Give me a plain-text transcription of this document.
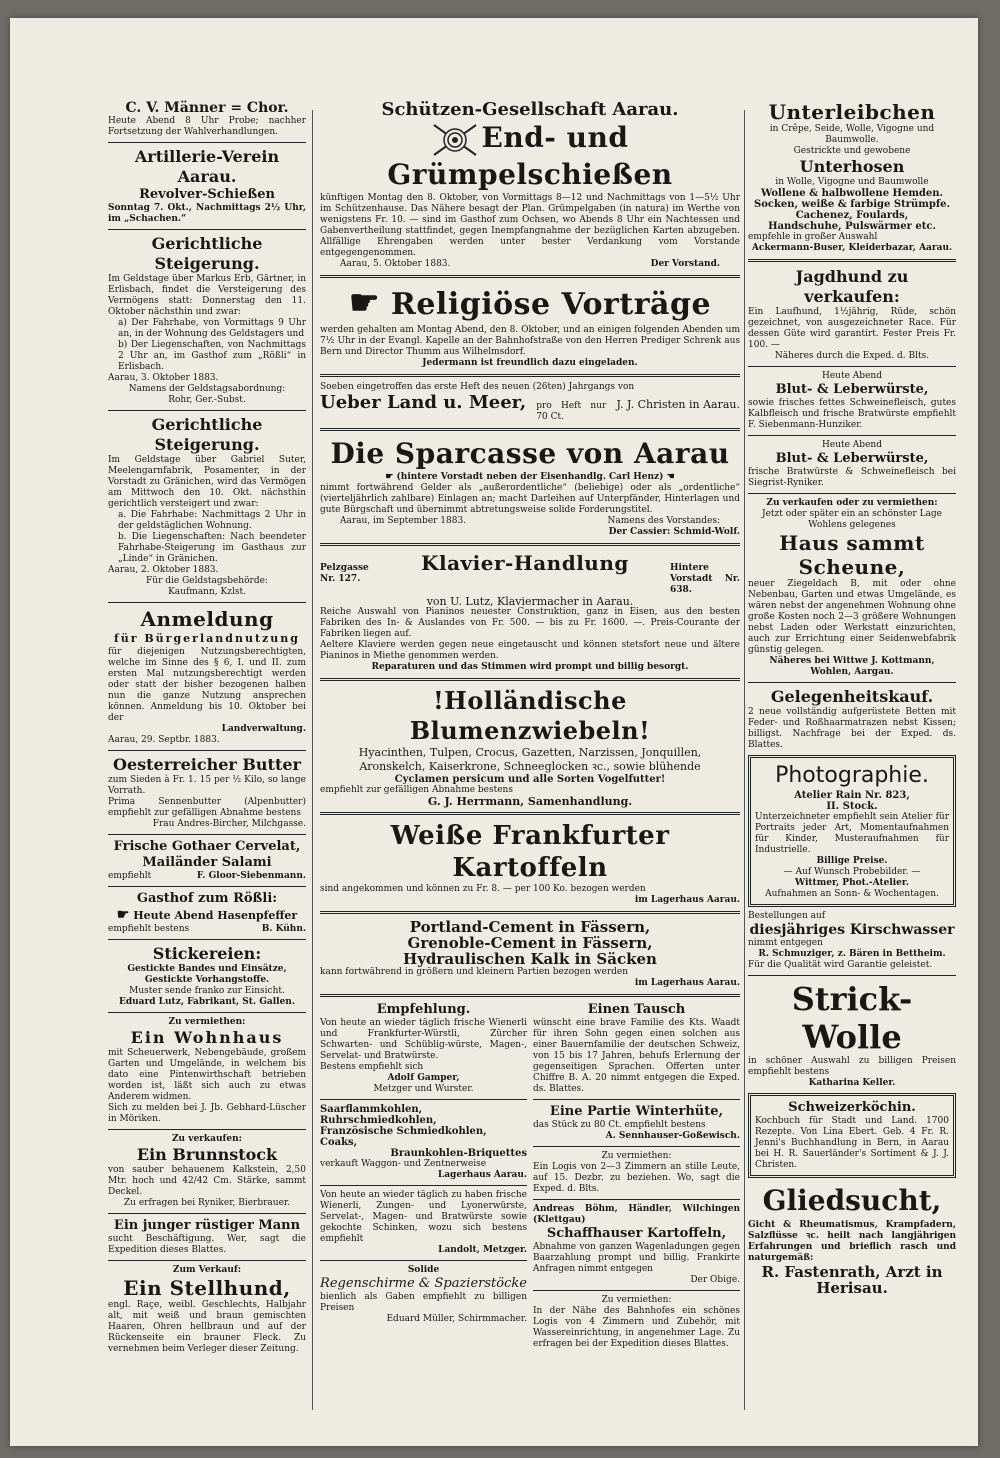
C. V. Männer = Chor.

Heute Abend 8 Uhr Probe; nachher Fortsetzung der Wahlverhandlungen.

Artillerie-Verein Aarau.
Revolver-Schießen

Sonntag 7. Okt., Nachmittags 2½ Uhr, im „Schachen.“

Gerichtliche Steigerung.

Im Geldstage über Markus Erb, Gärtner, in Erlisbach, findet die Versteigerung des Vermögens statt: Donnerstag den 11. Oktober nächsthin und zwar:

a) Der Fahrhabe, von Vormittags 9 Uhr an, in der Wohnung des Geldstagers und

b) Der Liegenschaften, von Nachmittags 2 Uhr an, im Gasthof zum „Rößli“ in Erlisbach.

Aarau, 3. Oktober 1883.

Namens der Geldstagsabordnung:

Rohr, Ger.-Subst.

Gerichtliche Steigerung.

Im Geldstage über Gabriel Suter, Meelengarnfabrik, Posamenter, in der Vorstadt zu Gränichen, wird das Vermögen am Mittwoch den 10. Okt. nächsthin gerichtlich versteigert und zwar:

a. Die Fahrhabe: Nachmittags 2 Uhr in der geldstäglichen Wohnung.

b. Die Liegenschaften: Nach beendeter Fahrhabe-Steigerung im Gasthaus zur „Linde“ in Gränichen.

Aarau, 2. Oktober 1883.

Für die Geldstagsbehörde:

Kaufmann, Kzlst.

Anmeldung
für Bürgerlandnutzung

für diejenigen Nutzungsberechtigten, welche im Sinne des § 6, I. und II. zum ersten Mal nutzungsberechtigt werden oder statt der bisher bezogenen halben nun die ganze Nutzung ansprechen können. Anmeldung bis 10. Oktober bei der

Landverwaltung.

Aarau, 29. Septbr. 1883.

Oesterreicher Butter

zum Sieden à Fr. 1. 15 per ½ Kilo, so lange Vorrath.

Prima Sennenbutter (Alpenbutter) empfiehlt zur gefälligen Abnahme bestens

Frau Andres-Bircher, Milchgasse.

Frische Gothaer Cervelat,
Mailänder Salami

empfiehlt	F. Gloor-Siebenmann.

Gasthof zum Rößli:
☛ Heute Abend Hasenpfeffer

empfiehlt bestens	B. Kühn.

Stickereien:

Gestickte Bandes und Einsätze, Gestickte Vorhangstoffe.

Muster sende franko zur Einsicht.

Eduard Lutz, Fabrikant, St. Gallen.

Zu vermiethen:

Ein Wohnhaus

mit Scheuerwerk, Nebengebäude, großem Garten und Umgelände, in welchem bis dato eine Pintenwirthschaft betrieben worden ist, läßt sich auch zu etwas Anderem widmen.

Sich zu melden bei J. Jb. Gebhard-Lüscher in Möriken.

Zu verkaufen:

Ein Brunnstock

von sauber behauenem Kalkstein, 2,50 Mtr. hoch und 42/42 Cm. Stärke, sammt Deckel.

Zu erfragen bei Ryniker, Bierbrauer.

Ein junger rüstiger Mann

sucht Beschäftigung. Wer, sagt die Expedition dieses Blattes.

Zum Verkauf:

Ein Stellhund,

engl. Raçe, weibl. Geschlechts, Halbjahr alt, mit weiß und braun gemischten Haaren, Ohren hellbraun und auf der Rückenseite ein brauner Fleck. Zu vernehmen beim Verleger dieser Zeitung.

Schützen-Gesellschaft Aarau.
End- und Grümpelschießen

künftigen Montag den 8. Oktober, von Vormittags 8—12 und Nachmittags von 1—5½ Uhr im Schützenhause. Das Nähere besagt der Plan. Grümpelgaben (in natura) im Werthe von wenigstens Fr. 10. — sind im Gasthof zum Ochsen, wo Abends 8 Uhr ein Nachtessen und Gabenvertheilung stattfindet, gegen Inempfangnahme der bezüglichen Karten abzugeben. Allfällige Ehrengaben werden unter bester Verdankung vom Vorstande entgegengenommen.

Aarau, 5. Oktober 1883.	Der Vorstand.

☛ Religiöse Vorträge

werden gehalten am Montag Abend, den 8. Oktober, und an einigen folgenden Abenden um 7½ Uhr in der Evangl. Kapelle an der Bahnhofstraße von den Herren Prediger Schrenk aus Bern und Director Thumm aus Wilhelmsdorf.

Jedermann ist freundlich dazu eingeladen.

Soeben eingetroffen das erste Heft des neuen (26ten) Jahrgangs von

Ueber Land u. Meer, pro Heft nur 70 Ct.

J. J. Christen in Aarau.

Die Sparcasse von Aarau

☛ (hintere Vorstadt neben der Eisenhandlg. Carl Henz) ☚

nimmt fortwährend Gelder als „außerordentliche“ (beliebige) oder als „ordentliche“ (vierteljährlich zahlbare) Einlagen an; macht Darleihen auf Unterpfänder, Hinterlagen und gute Bürgschaft und übernimmt abtretungsweise solide Forderungstitel.

Aarau, im September 1883.	Namens des Vorstandes:

Der Cassier: Schmid-Wolf.

Pelzgasse Nr. 127.

Klavier-Handlung	Hintere Vorstadt Nr. 638.

von U. Lutz, Klaviermacher in Aarau.

Reiche Auswahl von Pianinos neuester Construktion, ganz in Eisen, aus den besten Fabriken des In- & Auslandes von Fr. 500. — bis zu Fr. 1600. —. Preis-Courante der Fabriken liegen auf.

Aeltere Klaviere werden gegen neue eingetauscht und können stetsfort neue und ältere Pianinos in Miethe genommen werden.

Reparaturen und das Stimmen wird prompt und billig besorgt.

!Holländische Blumenzwiebeln!

Hyacinthen, Tulpen, Crocus, Gazetten, Narzissen, Jonquillen,

Aronskelch, Kaiserkrone, Schneeglocken ꝛc., sowie blühende

Cyclamen persicum und alle Sorten Vogelfutter!

empfiehlt zur gefälligen Abnahme bestens

G. J. Herrmann, Samenhandlung.

Weiße Frankfurter Kartoffeln

sind angekommen und können zu Fr. 8. — per 100 Ko. bezogen werden

im Lagerhaus Aarau.

Portland-Cement in Fässern,
Grenoble-Cement in Fässern,
Hydraulischen Kalk in Säcken

kann fortwährend in größern und kleinern Partien bezogen werden

im Lagerhaus Aarau.

Empfehlung.

Von heute an wieder täglich frische Wienerli und Frankfurter-Würstli, Zürcher Schwarten- und Schüblig-würste, Magen-, Servelat- und Bratwürste.

Bestens empfiehlt sich

Adolf Gamper,

Metzger und Wurster.

Saarflammkohlen,

Ruhrschmiedkohlen,

Französische Schmiedkohlen,

Coaks,

Braunkohlen-Briquettes

verkauft Waggon- und Zentnerweise

Lagerhaus Aarau.

Von heute an wieder täglich zu haben frische Wienerli, Zungen- und Lyonerwürste, Servelat-, Magen- und Bratwürste sowie gekochte Schinken, wozu sich bestens empfiehlt

Landolt, Metzger.

Solide

Regenschirme & Spazierstöcke

bienlich als Gaben empfiehlt zu billigen Preisen

Eduard Müller, Schirmmacher.

Einen Tausch

wünscht eine brave Familie des Kts. Waadt für ihren Sohn gegen einen solchen aus einer Bauernfamilie der deutschen Schweiz, von 15 bis 17 Jahren, behufs Erlernung der gegenseitigen Sprachen. Offerten unter Chiffre B. A. 20 nimmt entgegen die Exped. ds. Blattes.

Eine Partie Winterhüte,

das Stück zu 80 Ct. empfiehlt bestens

A. Sennhauser-Goßewisch.

Zu vermiethen:

Ein Logis von 2—3 Zimmern an stille Leute, auf 15. Dezbr. zu beziehen. Wo, sagt die Exped. d. Blts.

Andreas Böhm, Händler, Wilchingen (Klettgau)

Schaffhauser Kartoffeln,

Abnahme von ganzen Wagenladungen gegen Baarzahlung prompt und billig. Frankirte Anfragen nimmt entgegen

Der Obige.

Zu vermiethen:

In der Nähe des Bahnhofes ein schönes Logis von 4 Zimmern und Zubehör, mit Wassereinrichtung, in angenehmer Lage. Zu erfragen bei der Expedition dieses Blattes.

Unterleibchen

in Crêpe, Seide, Wolle, Vigogne und Baumwolle.

Gestrickte und gewobene

Unterhosen

in Wolle, Vigogne und Baumwolle

Wollene & halbwollene Hemden.

Socken, weiße & farbige Strümpfe.

Cachenez, Foulards,

Handschuhe, Pulswärmer etc.

empfehle in großer Auswahl

Ackermann-Buser, Kleiderbazar, Aarau.

Jagdhund zu verkaufen:

Ein Laufhund, 1½jährig, Rüde, schön gezeichnet, von ausgezeichneter Race. Für dessen Güte wird garantirt. Fester Preis Fr. 100. —

Näheres durch die Exped. d. Blts.

Heute Abend

Blut- & Leberwürste,

sowie frisches fettes Schweinefleisch, gutes Kalbfleisch und frische Bratwürste empfiehlt F. Siebenmann-Hunziker.

Heute Abend

Blut- & Leberwürste,

frische Bratwürste & Schweinefleisch bei Siegrist-Ryniker.

Zu verkaufen oder zu vermiethen:

Jetzt oder später ein an schönster Lage Wohlens gelegenes

Haus sammt Scheune,

neuer Ziegeldach B, mit oder ohne Nebenbau, Garten und etwas Umgelände, es wären nebst der angenehmen Wohnung ohne große Kosten noch 2—3 größere Wohnungen nebst Laden oder Werkstatt einzurichten, auch zur Errichtung einer Seidenwebfabrik günstig gelegen.

Näheres bei Wittwe J. Kottmann, Wohlen, Aargau.

Gelegenheitskauf.

2 neue vollständig aufgerüstete Betten mit Feder- und Roßhaarmatrazen nebst Kissen; billigst. Nachfrage bei der Exped. ds. Blattes.

Photographie.

Atelier Rain Nr. 823,

II. Stock.

Unterzeichneter empfiehlt sein Atelier für Portraits jeder Art, Momentaufnahmen für Kinder, Musteraufnahmen für Industrielle.

Billige Preise.

— Auf Wunsch Probebilder. —

Wittmer, Phot.-Atelier.

Aufnahmen an Sonn- & Wochentagen.

Bestellungen auf

diesjähriges Kirschwasser

nimmt entgegen

R. Schmuziger, z. Bären in Bettheim.

Für die Qualität wird Garantie geleistet.

Strick-Wolle

in schöner Auswahl zu billigen Preisen empfiehlt bestens

Katharina Keller.

Schweizerköchin.

Kochbuch für Stadt und Land. 1700 Rezepte. Von Lina Ebert. Geb. 4 Fr. R. Jenni's Buchhandlung in Bern, in Aarau bei H. R. Sauerländer's Sortiment & J. J. Christen.

Gliedsucht,

Gicht & Rheumatismus, Krampfadern, Salzflüsse ꝛc. heilt nach langjährigen Erfahrungen und brieflich rasch und naturgemäß:

R. Fastenrath, Arzt in Herisau.
